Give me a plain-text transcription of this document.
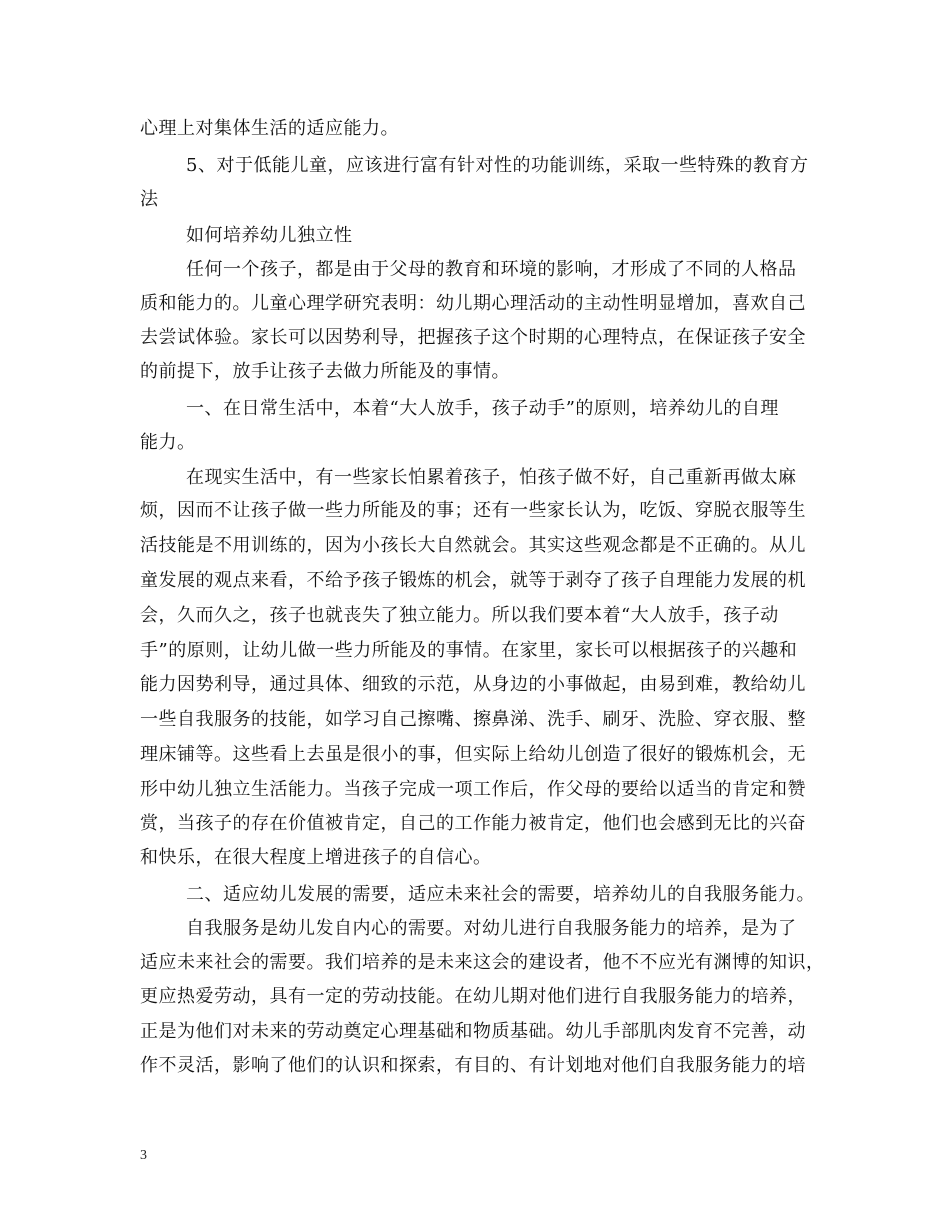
心理上对集体生活的适应能力。
5、对于低能儿童，应该进行富有针对性的功能训练，采取一些特殊的教育方
法
如何培养幼儿独立性
任何一个孩子，都是由于父母的教育和环境的影响，才形成了不同的人格品
质和能力的。儿童心理学研究表明：幼儿期心理活动的主动性明显增加，喜欢自己
去尝试体验。家长可以因势利导，把握孩子这个时期的心理特点，在保证孩子安全
的前提下，放手让孩子去做力所能及的事情。
一、在日常生活中，本着“大人放手，孩子动手”的原则，培养幼儿的自理
能力。
在现实生活中，有一些家长怕累着孩子，怕孩子做不好，自己重新再做太麻
烦，因而不让孩子做一些力所能及的事；还有一些家长认为，吃饭、穿脱衣服等生
活技能是不用训练的，因为小孩长大自然就会。其实这些观念都是不正确的。从儿
童发展的观点来看，不给予孩子锻炼的机会，就等于剥夺了孩子自理能力发展的机
会，久而久之，孩子也就丧失了独立能力。所以我们要本着“大人放手，孩子动
手”的原则，让幼儿做一些力所能及的事情。在家里，家长可以根据孩子的兴趣和
能力因势利导，通过具体、细致的示范，从身边的小事做起，由易到难，教给幼儿
一些自我服务的技能，如学习自己擦嘴、擦鼻涕、洗手、刷牙、洗脸、穿衣服、整
理床铺等。这些看上去虽是很小的事，但实际上给幼儿创造了很好的锻炼机会，无
形中幼儿独立生活能力。当孩子完成一项工作后，作父母的要给以适当的肯定和赞
赏，当孩子的存在价值被肯定，自己的工作能力被肯定，他们也会感到无比的兴奋
和快乐，在很大程度上增进孩子的自信心。
二、适应幼儿发展的需要，适应未来社会的需要，培养幼儿的自我服务能力。
自我服务是幼儿发自内心的需要。对幼儿进行自我服务能力的培养，是为了
适应未来社会的需要。我们培养的是未来这会的建设者，他不不应光有渊博的知识，
更应热爱劳动，具有一定的劳动技能。在幼儿期对他们进行自我服务能力的培养，
正是为他们对未来的劳动奠定心理基础和物质基础。幼儿手部肌肉发育不完善，动
作不灵活，影响了他们的认识和探索，有目的、有计划地对他们自我服务能力的培
3
